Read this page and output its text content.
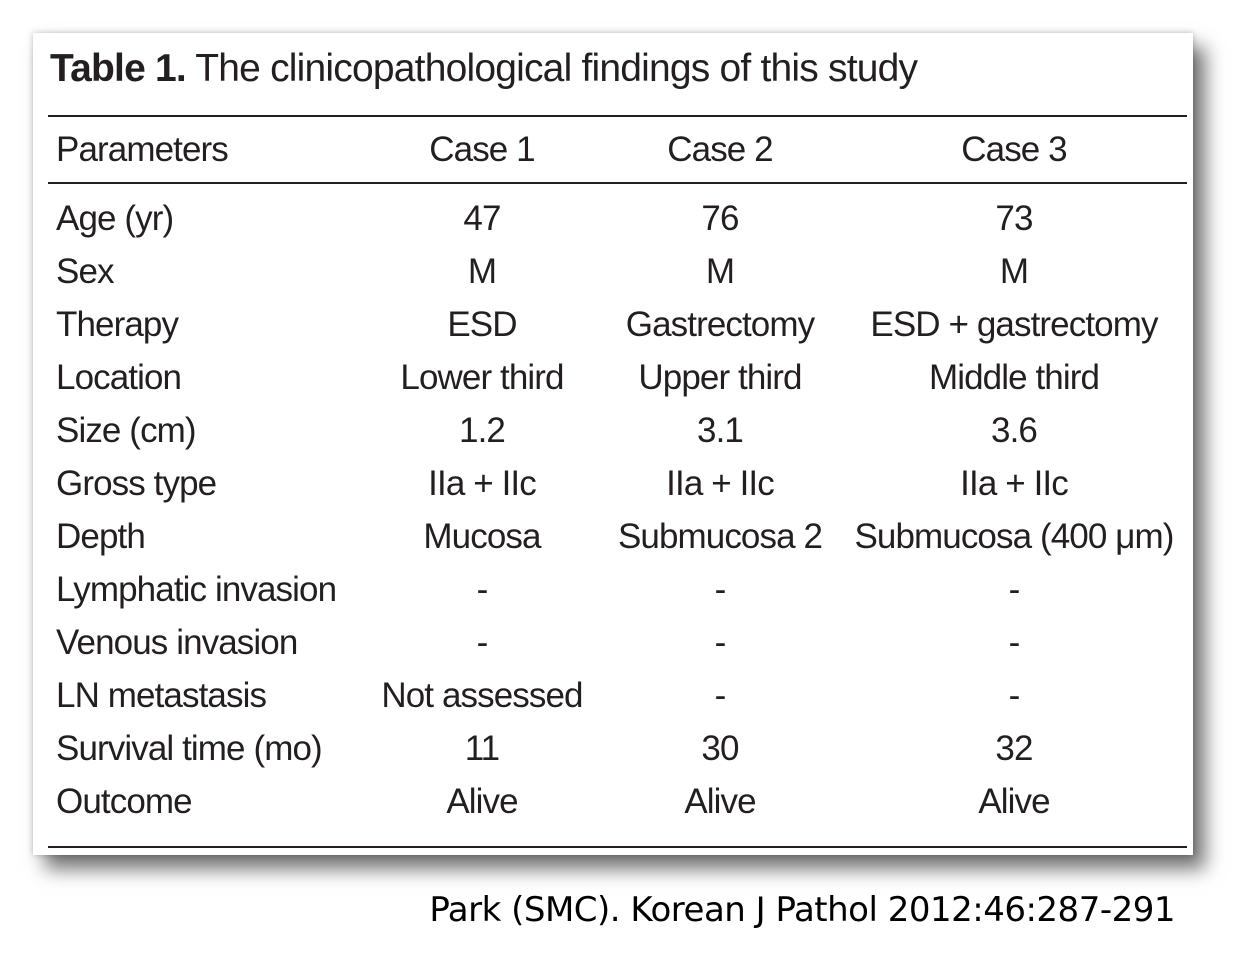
Table 1. The clinicopathological findings of this study
Parameters	Case 1	Case 2	Case 3
Age (yr)	47	76	73
Sex	M	M	M
Therapy	ESD	Gastrectomy	ESD + gastrectomy
Location	Lower third	Upper third	Middle third
Size (cm)	1.2	3.1	3.6
Gross type	IIa + IIc	IIa + IIc	IIa + IIc
Depth	Mucosa	Submucosa 2	Submucosa (400 μm)
Lymphatic invasion	-	-	-
Venous invasion	-	-	-
LN metastasis	Not assessed	-	-
Survival time (mo)	11	30	32
Outcome	Alive	Alive	Alive
Park (SMC). Korean J Pathol 2012:46:287-291
